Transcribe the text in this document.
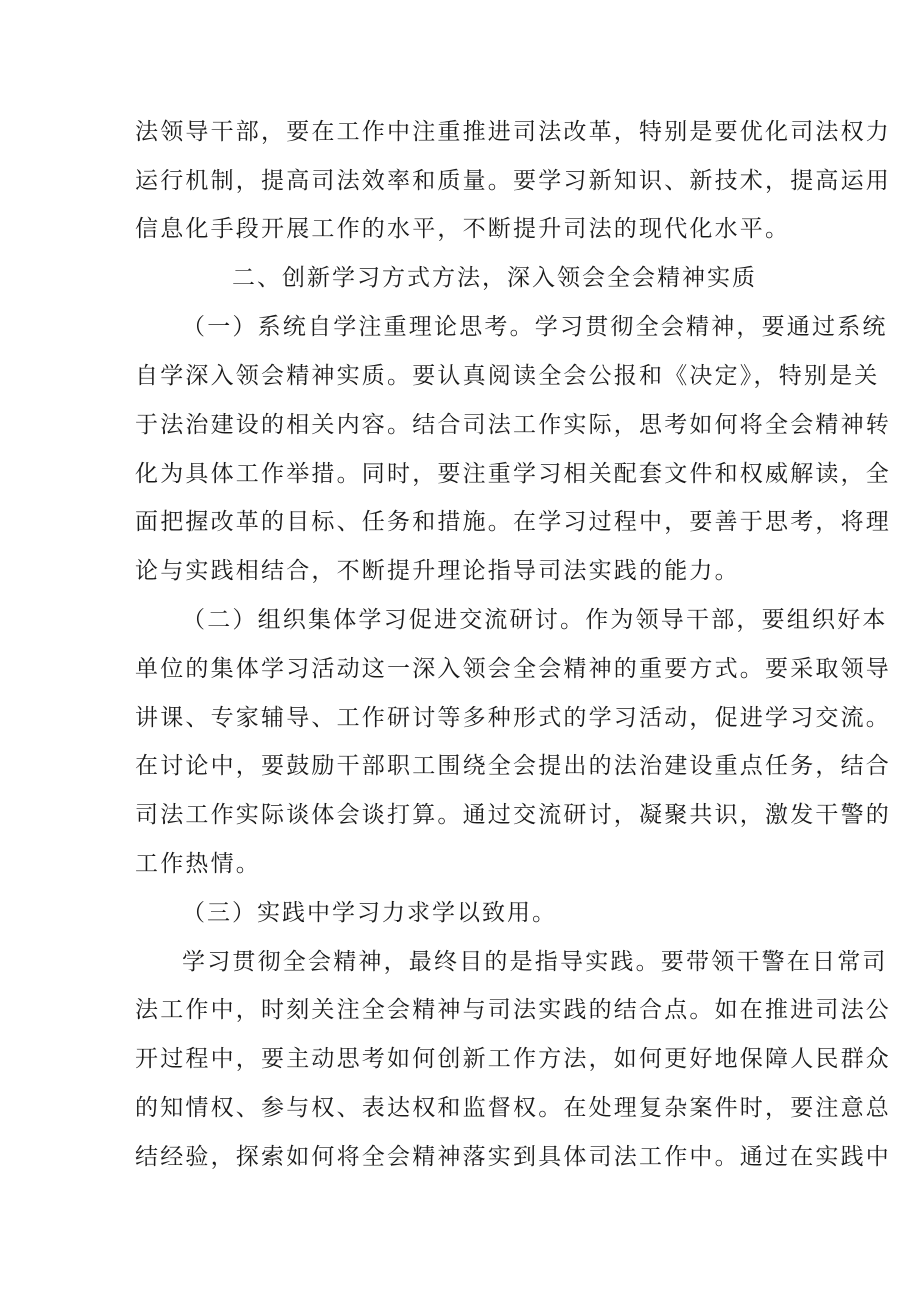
法领导干部，要在工作中注重推进司法改革，特别是要优化司法权力
运行机制，提高司法效率和质量。要学习新知识、新技术，提高运用
信息化手段开展工作的水平，不断提升司法的现代化水平。
二、创新学习方式方法，深入领会全会精神实质
（一）系统自学注重理论思考。学习贯彻全会精神，要通过系统
自学深入领会精神实质。要认真阅读全会公报和《决定》，特别是关
于法治建设的相关内容。结合司法工作实际，思考如何将全会精神转
化为具体工作举措。同时，要注重学习相关配套文件和权威解读，全
面把握改革的目标、任务和措施。在学习过程中，要善于思考，将理
论与实践相结合，不断提升理论指导司法实践的能力。
（二）组织集体学习促进交流研讨。作为领导干部，要组织好本
单位的集体学习活动这一深入领会全会精神的重要方式。要采取领导
讲课、专家辅导、工作研讨等多种形式的学习活动，促进学习交流。
在讨论中，要鼓励干部职工围绕全会提出的法治建设重点任务，结合
司法工作实际谈体会谈打算。通过交流研讨，凝聚共识，激发干警的
工作热情。
（三）实践中学习力求学以致用。
学习贯彻全会精神，最终目的是指导实践。要带领干警在日常司
法工作中，时刻关注全会精神与司法实践的结合点。如在推进司法公
开过程中，要主动思考如何创新工作方法，如何更好地保障人民群众
的知情权、参与权、表达权和监督权。在处理复杂案件时，要注意总
结经验，探索如何将全会精神落实到具体司法工作中。通过在实践中
